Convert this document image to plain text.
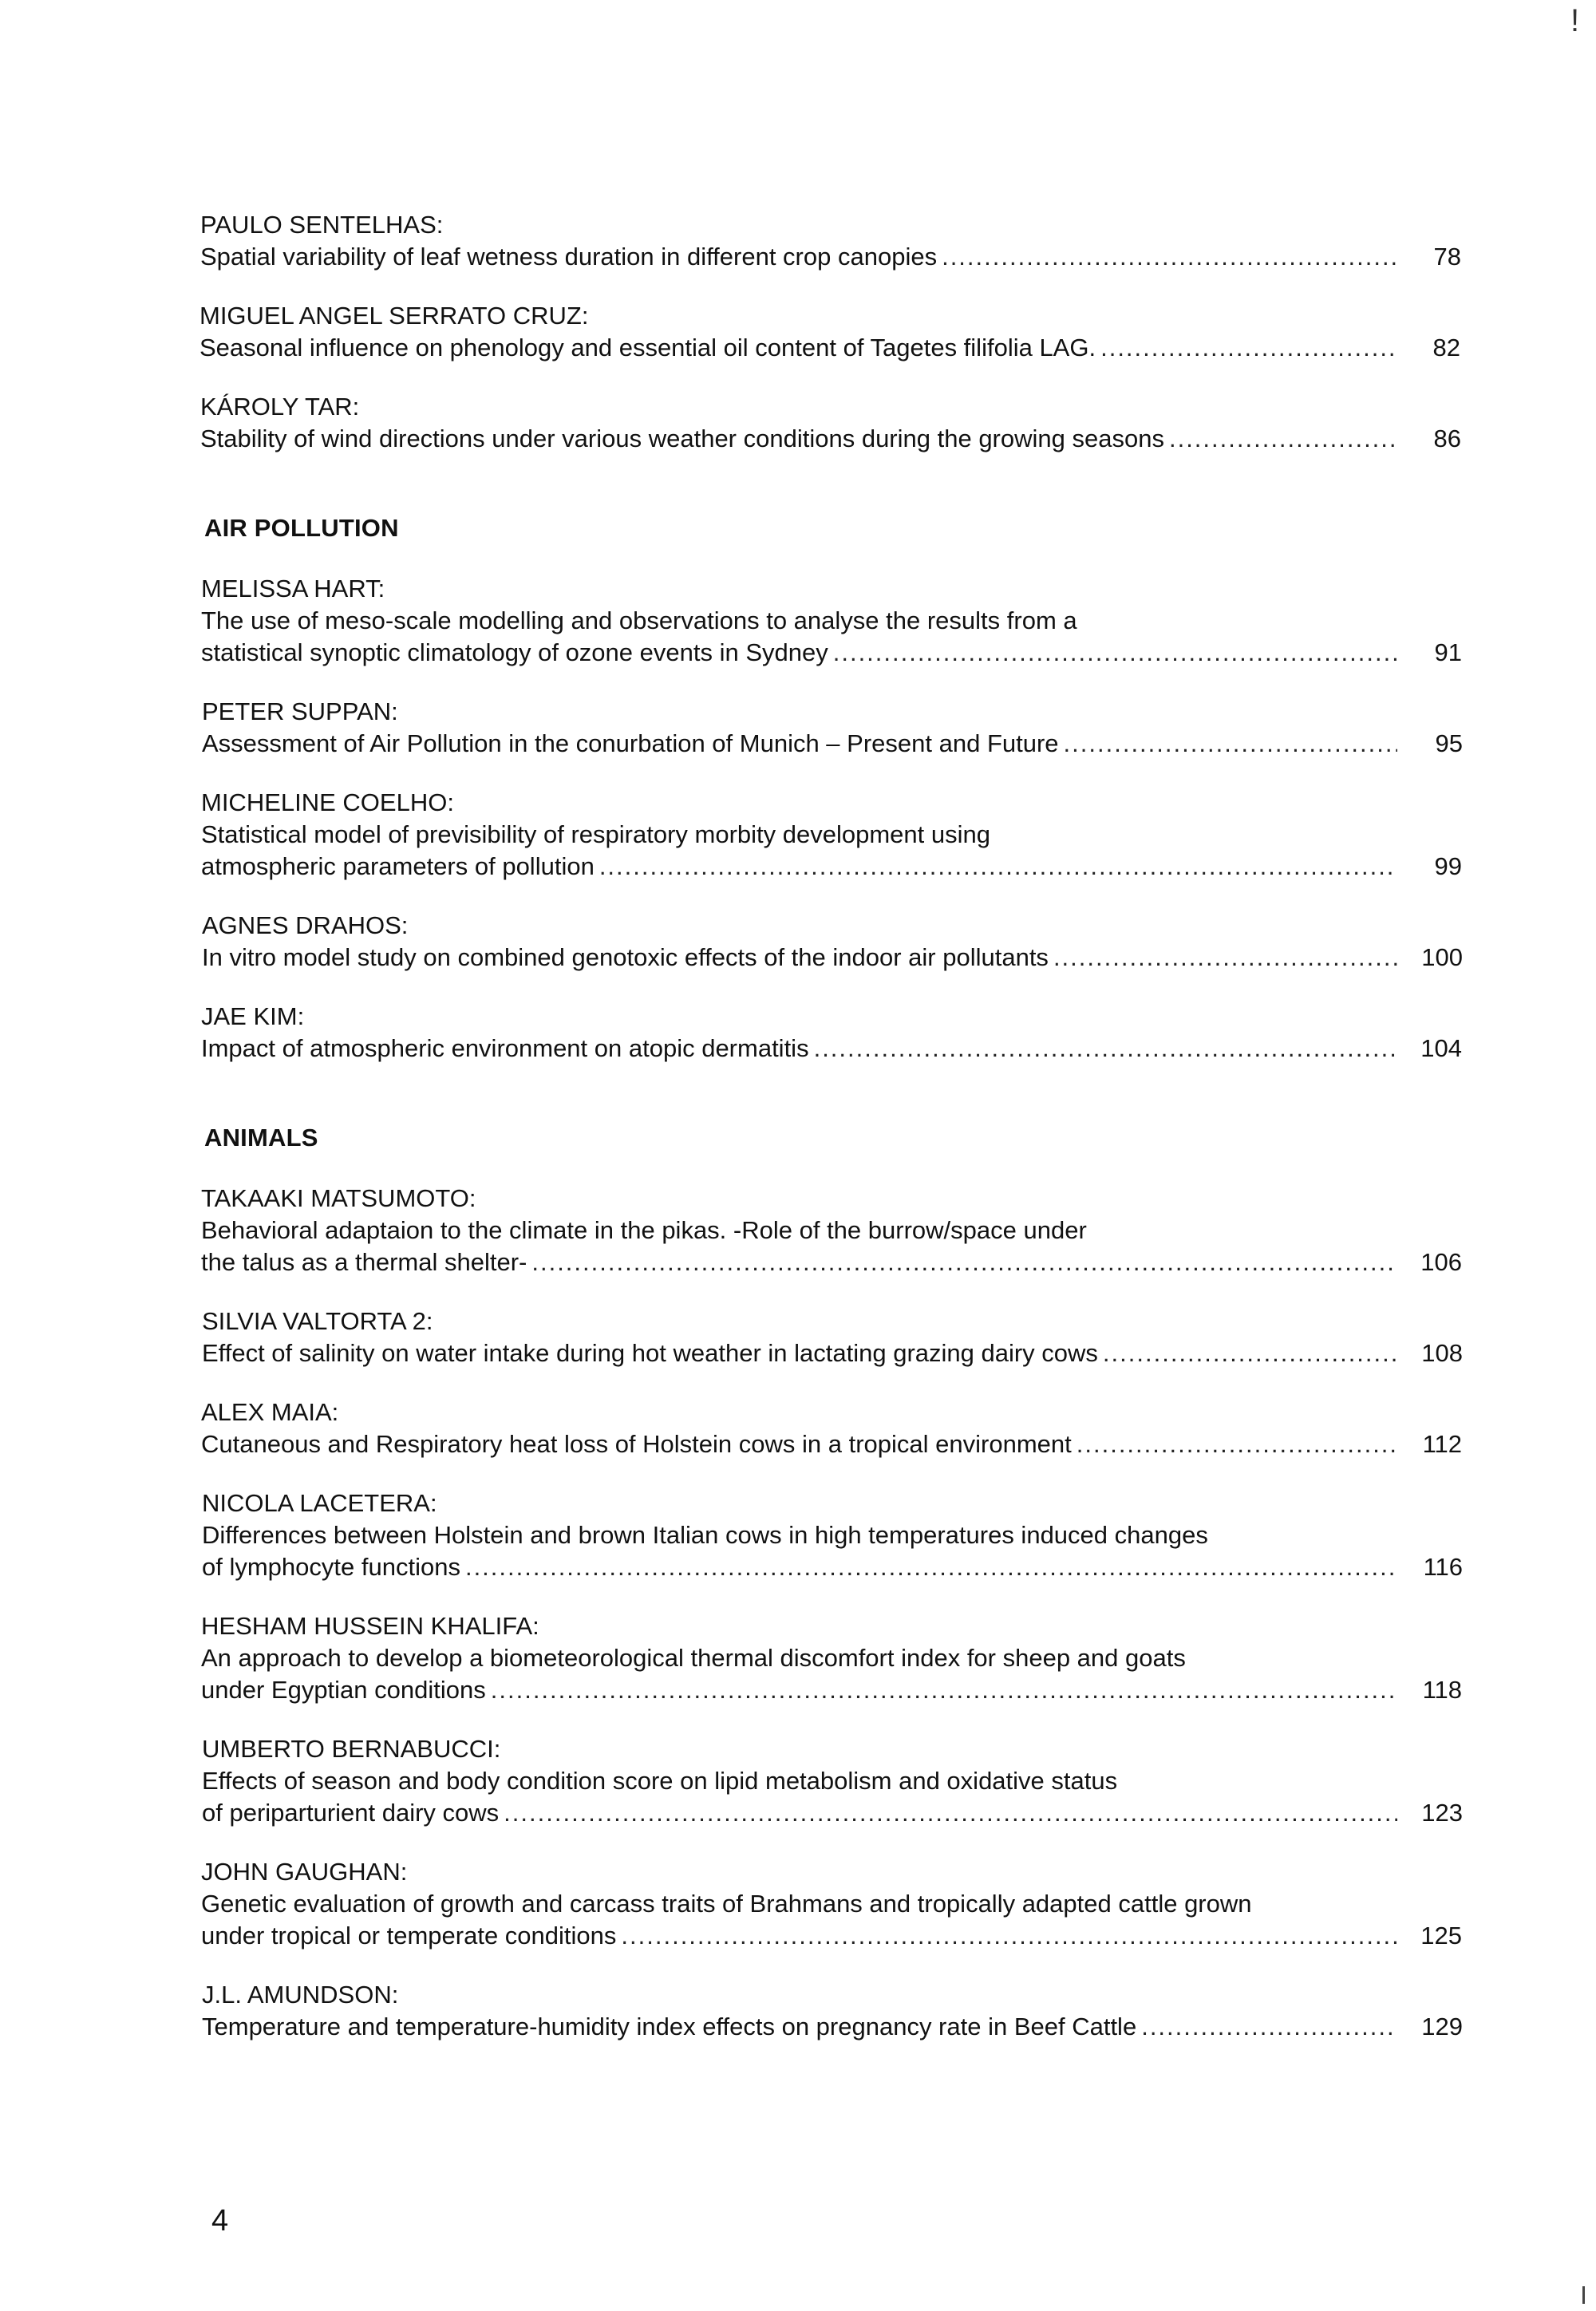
!
PAULO SENTELHAS:
Spatial variability of leaf wetness duration in different crop canopies .....	78
MIGUEL ANGEL SERRATO CRUZ:
Seasonal influence on phenology and essential oil content of Tagetes filifolia LAG. .....	82
KÁROLY TAR:
Stability of wind directions under various weather conditions during the growing seasons .....	86
AIR POLLUTION
MELISSA HART:
The use of meso-scale modelling and observations to analyse the results from a
statistical synoptic climatology of ozone events in Sydney .....	91
PETER SUPPAN:
Assessment of Air Pollution in the conurbation of Munich – Present and Future .....	95
MICHELINE COELHO:
Statistical model of previsibility of respiratory morbity development using
atmospheric parameters of pollution .....	99
AGNES DRAHOS:
In vitro model study on combined genotoxic effects of the indoor air pollutants .....	100
JAE KIM:
Impact of atmospheric environment on atopic dermatitis .....	104
ANIMALS
TAKAAKI MATSUMOTO:
Behavioral adaptaion to the climate in the pikas. -Role of the burrow/space under
the talus as a thermal shelter- .....	106
SILVIA VALTORTA 2:
Effect of salinity on water intake during hot weather in lactating grazing dairy cows .....	108
ALEX MAIA:
Cutaneous and Respiratory heat loss of Holstein cows in a tropical environment .....	112
NICOLA LACETERA:
Differences between Holstein and brown Italian cows in high temperatures induced changes
of lymphocyte functions .....	116
HESHAM HUSSEIN KHALIFA:
An approach to develop a biometeorological thermal discomfort index for sheep and goats
under Egyptian conditions .....	118
UMBERTO BERNABUCCI:
Effects of season and body condition score on lipid metabolism and oxidative status
of periparturient dairy cows .....	123
JOHN GAUGHAN:
Genetic evaluation of growth and carcass traits of Brahmans and tropically adapted cattle grown
under tropical or temperate conditions .....	125
J.L. AMUNDSON:
Temperature and temperature-humidity index effects on pregnancy rate in Beef Cattle .....	129
4
